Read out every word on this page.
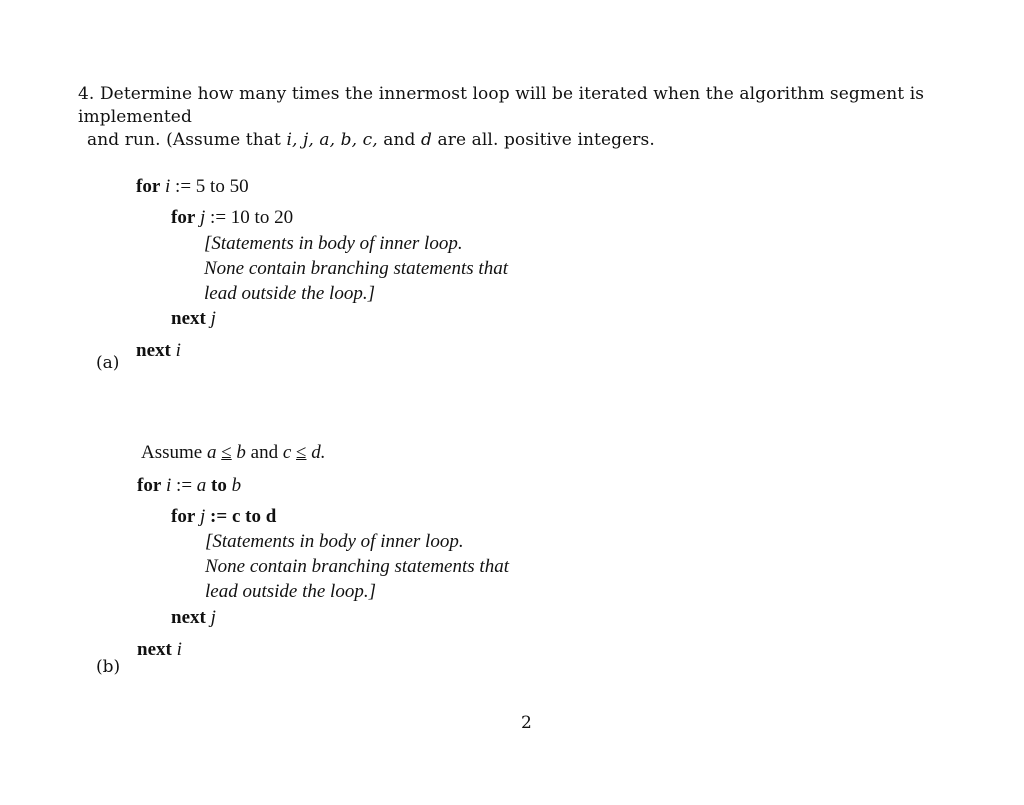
4. Determine how many times the innermost loop will be iterated when the algorithm segment is implemented
and run. (Assume that i, j, a, b, c, and d are all. positive integers.
for i := 5 to 50
for j := 10 to 20
[Statements in body of inner loop.
None contain branching statements that
lead outside the loop.]
next j
next i
(a)
Assume a ≤ b and c ≤ d.
for i := a to b
for j := c to d
[Statements in body of inner loop.
None contain branching statements that
lead outside the loop.]
next j
next i
(b)
2
